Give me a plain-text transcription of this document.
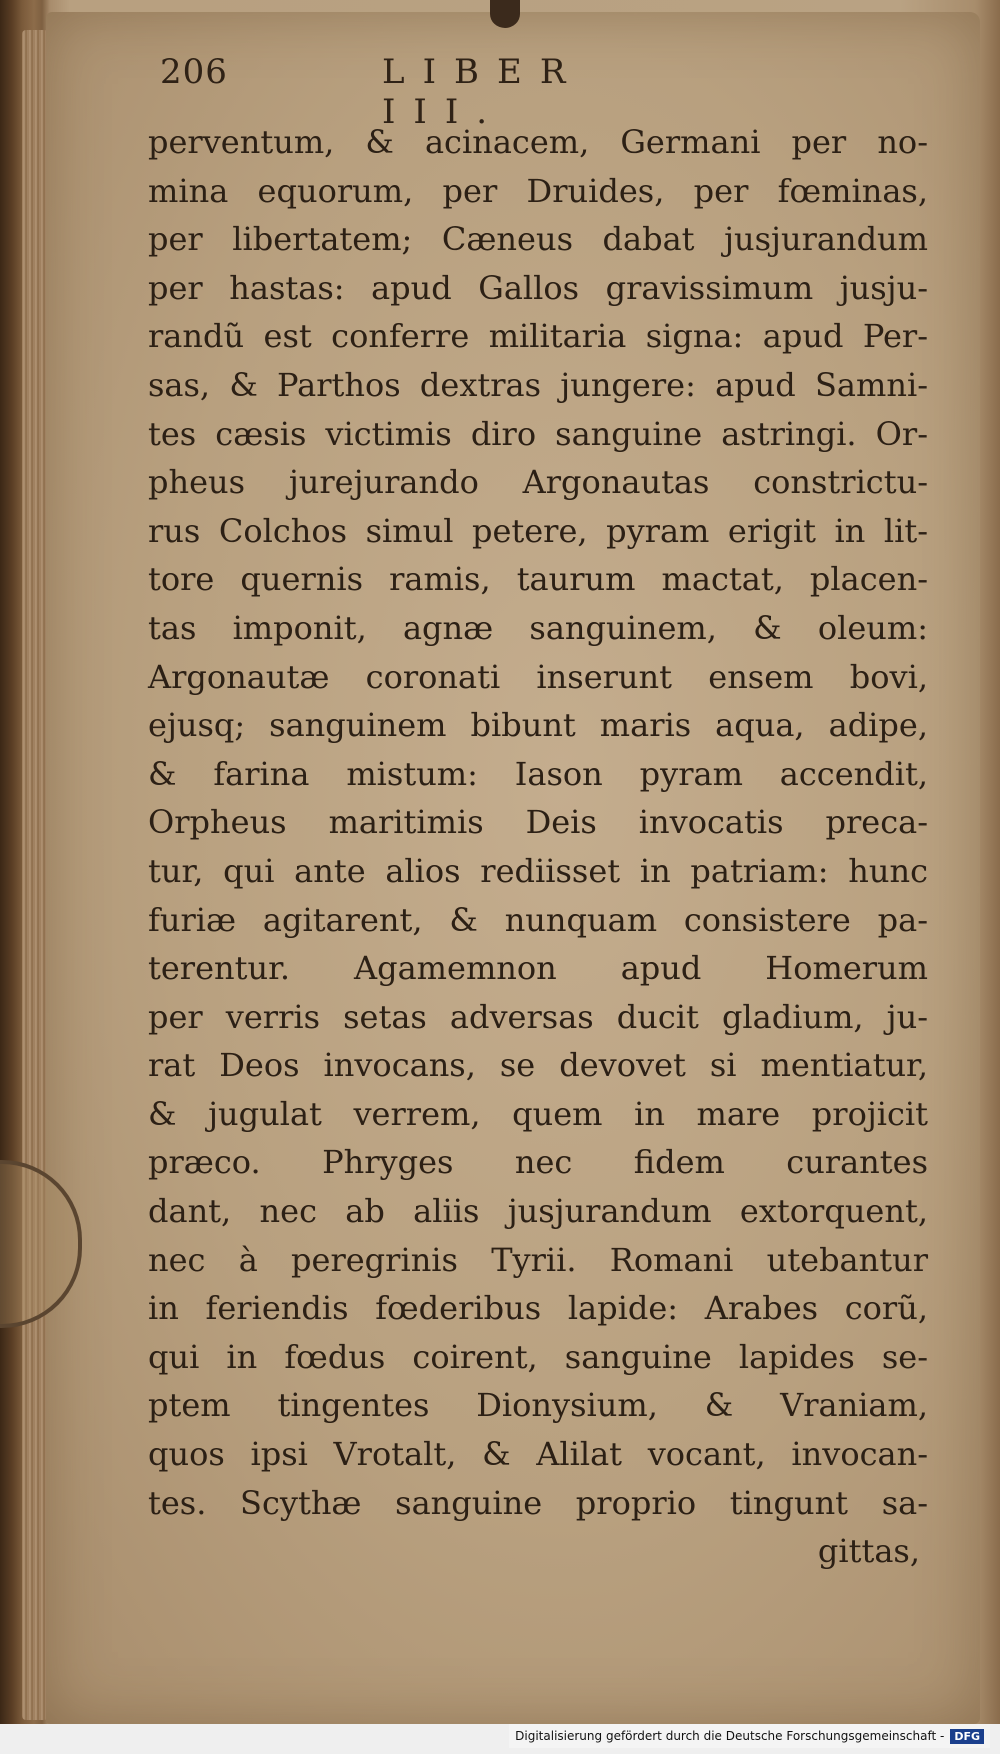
206	LIBER III.
perventum, & acinacem, Germani per no-
mina equorum, per Druides, per fœminas,
per libertatem; Cæneus dabat jusjurandum
per hastas: apud Gallos gravissimum jusju-
randũ est conferre militaria signa: apud Per-
sas, & Parthos dextras jungere: apud Samni-
tes cæsis victimis diro sanguine astringi. Or-
pheus jurejurando Argonautas constrictu-
rus Colchos simul petere, pyram erigit in lit-
tore quernis ramis, taurum mactat, placen-
tas imponit, agnæ sanguinem, & oleum:
Argonautæ coronati inserunt ensem bovi,
ejusq; sanguinem bibunt maris aqua, adipe,
& farina mistum: Iason pyram accendit,
Orpheus maritimis Deis invocatis preca-
tur, qui ante alios rediisset in patriam: hunc
furiæ agitarent, & nunquam consistere pa-
terentur. Agamemnon apud Homerum
per verris setas adversas ducit gladium, ju-
rat Deos invocans, se devovet si mentiatur,
& jugulat verrem, quem in mare projicit
præco. Phryges nec fidem curantes
dant, nec ab aliis jusjurandum extorquent,
nec à peregrinis Tyrii. Romani utebantur
in feriendis fœderibus lapide: Arabes corũ,
qui in fœdus coirent, sanguine lapides se-
ptem tingentes Dionysium, & Vraniam,
quos ipsi Vrotalt, & Alilat vocant, invocan-
tes. Scythæ sanguine proprio tingunt sa-
gittas,
Digitalisierung gefördert durch die Deutsche Forschungsgemeinschaft - DFG
